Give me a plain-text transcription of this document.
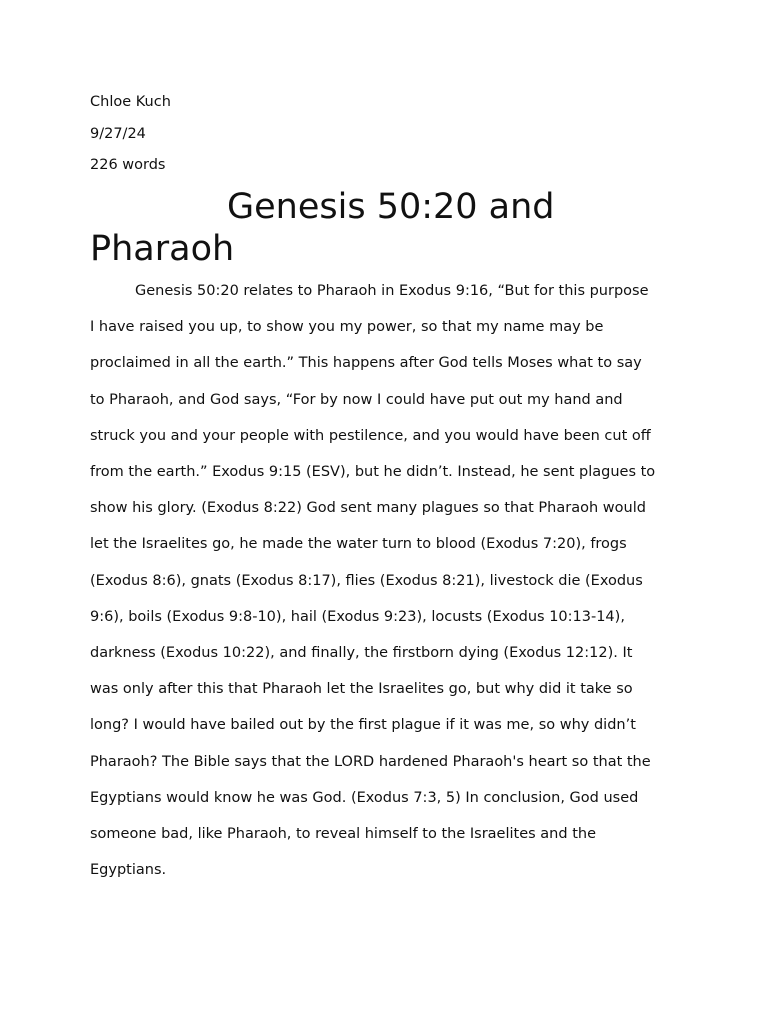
Chloe Kuch
9/27/24
226 words
Genesis 50:20 and
Pharaoh
Genesis 50:20 relates to Pharaoh in Exodus 9:16, “But for this purpose
I have raised you up, to show you my power, so that my name may be
proclaimed in all the earth.” This happens after God tells Moses what to say
to Pharaoh, and God says, “For by now I could have put out my hand and
struck you and your people with pestilence, and you would have been cut off
from the earth.” Exodus 9:15 (ESV), but he didn’t. Instead, he sent plagues to
show his glory. (Exodus 8:22) God sent many plagues so that Pharaoh would
let the Israelites go, he made the water turn to blood (Exodus 7:20), frogs
(Exodus 8:6), gnats (Exodus 8:17), flies (Exodus 8:21), livestock die (Exodus
9:6), boils (Exodus 9:8-10), hail (Exodus 9:23), locusts (Exodus 10:13-14),
darkness (Exodus 10:22), and finally, the firstborn dying (Exodus 12:12). It
was only after this that Pharaoh let the Israelites go, but why did it take so
long? I would have bailed out by the first plague if it was me, so why didn’t
Pharaoh? The Bible says that the LORD hardened Pharaoh's heart so that the
Egyptians would know he was God. (Exodus 7:3, 5) In conclusion, God used
someone bad, like Pharaoh, to reveal himself to the Israelites and the
Egyptians.
